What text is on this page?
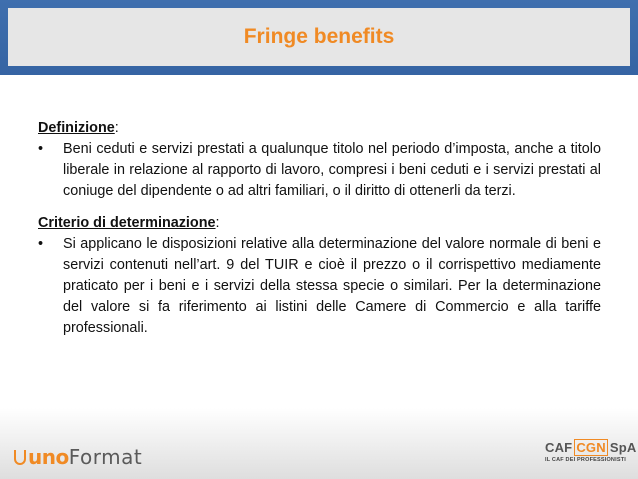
Fringe benefits

Definizione:

•	Beni ceduti e servizi prestati a qualunque titolo nel periodo d’imposta, anche a titolo liberale in relazione al rapporto di lavoro, compresi i beni ceduti e i servizi prestati al coniuge del dipendente o ad altri familiari, o il diritto di ottenerli da terzi.

Criterio di determinazione:

•	Si applicano le disposizioni relative alla determinazione del valore normale di beni e servizi contenuti nell’art. 9 del TUIR e cioè il prezzo o il corrispettivo mediamente praticato per i beni e i servizi della stessa specie o similari. Per la determinazione del valore si fa riferimento ai listini delle Camere di Commercio e alla tariffe professionali.
uno Format	CAF CGN SpA
IL CAF DEI PROFESSIONISTI
